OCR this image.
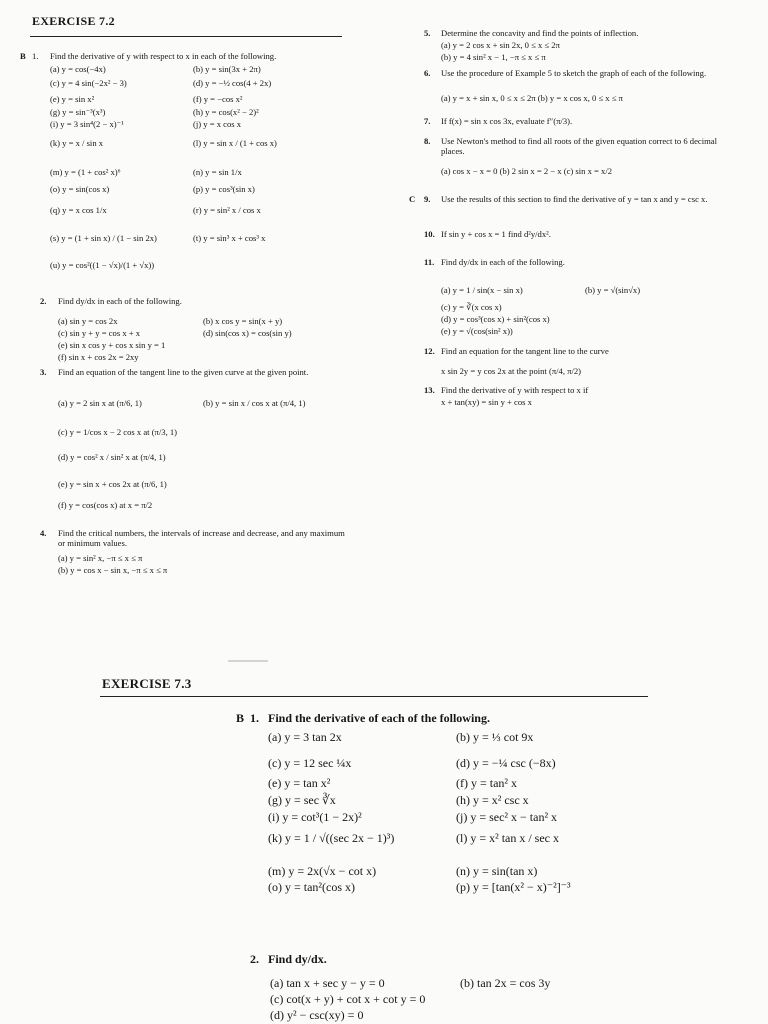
EXERCISE 7.2
B 1. Find the derivative of y with respect to x in each of the following.
(a) y = cos(−4x)	(b) y = sin(3x + 2π)
(c) y = 4 sin(−2x² − 3)	(d) y = −½ cos(4 + 2x)
(e) y = sin x²	(f) y = −cos x²
(g) y = sin⁻³(x³)	(h) y = cos(x² − 2)²
(i) y = 3 sin⁴(2 − x)⁻¹	(j) y = x cos x
(k) y = x / sin x	(l) y = sin x / (1 + cos x)
(m) y = (1 + cos² x)⁶	(n) y = sin 1/x
(o) y = sin(cos x)	(p) y = cos³(sin x)
(q) y = x cos 1/x	(r) y = sin² x / cos x
(s) y = (1 + sin x) / (1 − sin 2x)	(t) y = sin³ x + cos³ x
(u) y = cos²((1 − √x)/(1 + √x))
2. Find dy/dx in each of the following.
(a) sin y = cos 2x	(b) x cos y = sin(x + y)
(c) sin y + y = cos x + x	(d) sin(cos x) = cos(sin y)
(e) sin x cos y + cos x sin y = 1
(f) sin x + cos 2x = 2xy
3. Find an equation of the tangent line to the given curve at the given point.
(a) y = 2 sin x at (π/6, 1)	(b) y = sin x / cos x at (π/4, 1)
(c) y = 1/cos x − 2 cos x at (π/3, 1)
(d) y = cos² x / sin² x at (π/4, 1)
(e) y = sin x + cos 2x at (π/6, 1)
(f) y = cos(cos x) at x = π/2
4. Find the critical numbers, the intervals of increase and decrease, and any maximum or minimum values.
(a) y = sin² x, −π ≤ x ≤ π
(b) y = cos x − sin x, −π ≤ x ≤ π
5. Determine the concavity and find the points of inflection.
(a) y = 2 cos x + sin 2x, 0 ≤ x ≤ 2π
(b) y = 4 sin² x − 1, −π ≤ x ≤ π
6. Use the procedure of Example 5 to sketch the graph of each of the following.
(a) y = x + sin x, 0 ≤ x ≤ 2π (b) y = x cos x, 0 ≤ x ≤ π
7. If f(x) = sin x cos 3x, evaluate f″(π/3).
8. Use Newton's method to find all roots of the given equation correct to 6 decimal places.
(a) cos x − x = 0 (b) 2 sin x = 2 − x (c) sin x = x/2
C 9. Use the results of this section to find the derivative of y = tan x and y = csc x.
10. If sin y + cos x = 1 find d²y/dx².
11. Find dy/dx in each of the following.
(a) y = 1 / sin(x − sin x)	(b) y = √(sin√x)
(c) y = ∛(x cos x)
(d) y = cos³(cos x) + sin²(cos x)
(e) y = √(cos(sin² x))
12. Find an equation for the tangent line to the curve
x sin 2y = y cos 2x at the point (π/4, π/2)
13. Find the derivative of y with respect to x if
x + tan(xy) = sin y + cos x
EXERCISE 7.3
B 1. Find the derivative of each of the following.
(a) y = 3 tan 2x	(b) y = ⅓ cot 9x
(c) y = 12 sec ¼x	(d) y = −¼ csc (−8x)
(e) y = tan x²	(f) y = tan² x
(g) y = sec ∛x	(h) y = x² csc x
(i) y = cot³(1 − 2x)²	(j) y = sec² x − tan² x
(k) y = 1 / √((sec 2x − 1)³)	(l) y = x² tan x / sec x
(m) y = 2x(√x − cot x)	(n) y = sin(tan x)
(o) y = tan²(cos x)	(p) y = [tan(x² − x)⁻²]⁻³
2. Find dy/dx.
(a) tan x + sec y − y = 0	(b) tan 2x = cos 3y
(c) cot(x + y) + cot x + cot y = 0
(d) y² − csc(xy) = 0
